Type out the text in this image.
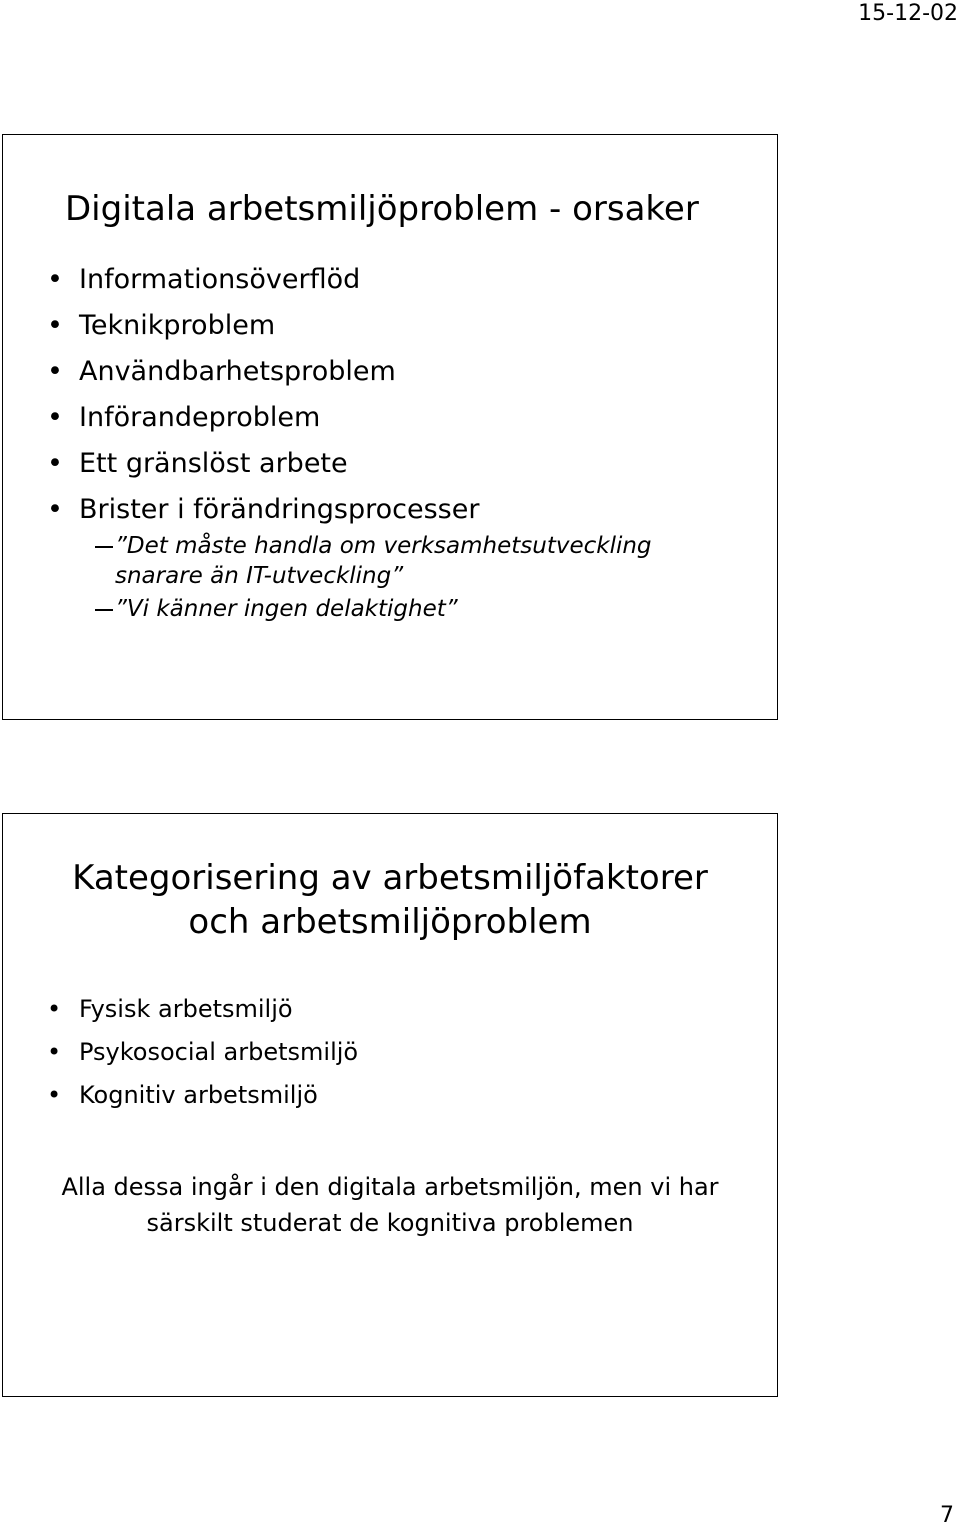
15-12-02
Digitala arbetsmiljöproblem - orsaker
• Informationsöverflöd
• Teknikproblem
• Användbarhetsproblem
• Införandeproblem
• Ett gränslöst arbete
• Brister i förändringsprocesser
”Det måste handla om verksamhetsutveckling snarare än IT-utveckling”
”Vi känner ingen delaktighet”
Kategorisering av arbetsmiljöfaktorer
och arbetsmiljöproblem
• Fysisk arbetsmiljö
• Psykosocial arbetsmiljö
• Kognitiv arbetsmiljö
Alla dessa ingår i den digitala arbetsmiljön, men vi har
särskilt studerat de kognitiva problemen
7
